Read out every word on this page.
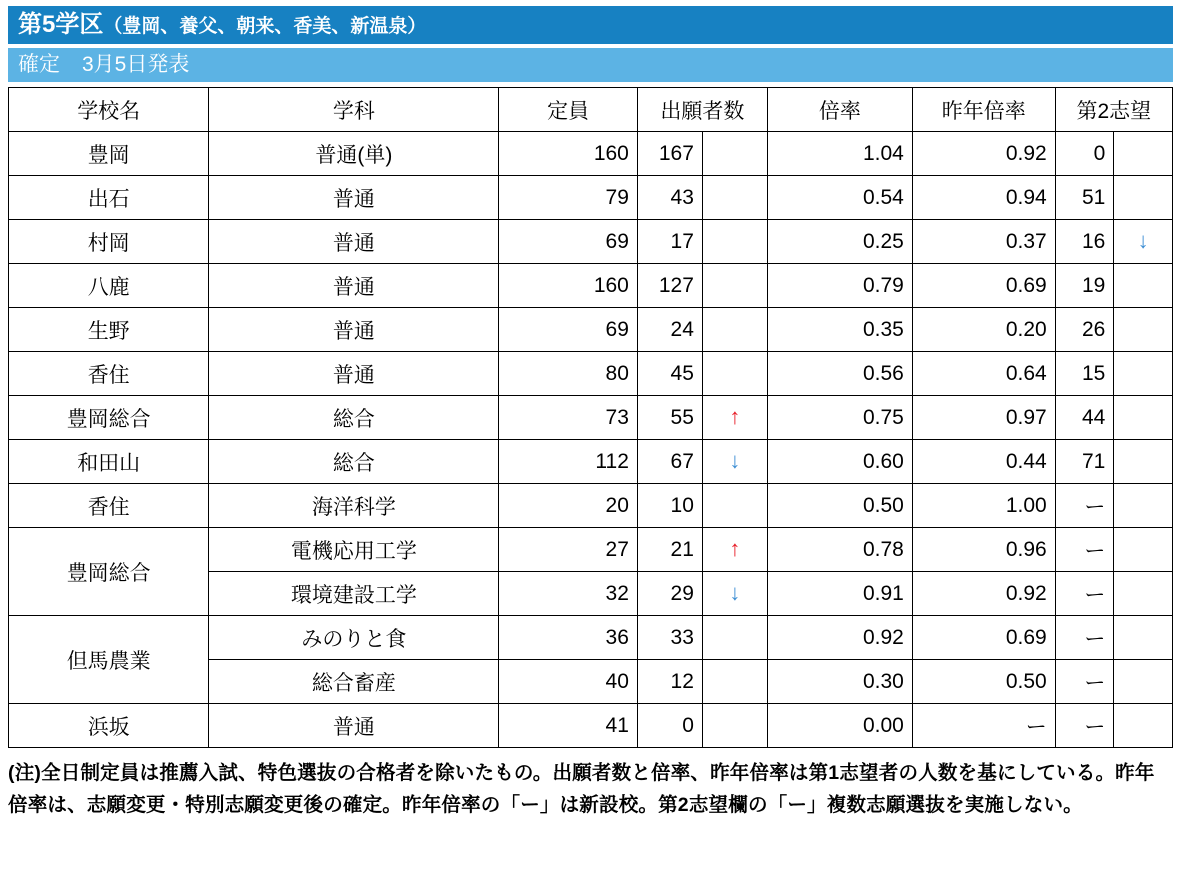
第5学区（豊岡、養父、朝来、香美、新温泉）
確定 3月5日発表
学校名	学科	定員	出願者数		倍率	昨年倍率	第2志望	
豊岡	普通(単)	160	167		1.04	0.92	0	
出石	普通	79	43		0.54	0.94	51	
村岡	普通	69	17		0.25	0.37	16	↓
八鹿	普通	160	127		0.79	0.69	19	
生野	普通	69	24		0.35	0.20	26	
香住	普通	80	45		0.56	0.64	15	
豊岡総合	総合	73	55	↑	0.75	0.97	44	
和田山	総合	112	67	↓	0.60	0.44	71	
香住	海洋科学	20	10		0.50	1.00	ー	
豊岡総合	電機応用工学	27	21	↑	0.78	0.96	ー	
	環境建設工学	32	29	↓	0.91	0.92	ー	
但馬農業	みのりと食	36	33		0.92	0.69	ー	
	総合畜産	40	12		0.30	0.50	ー	
浜坂	普通	41	0		0.00	ー	ー	
(注)全日制定員は推薦入試、特色選抜の合格者を除いたもの。出願者数と倍率、昨年倍率は第1志望者の人数を基にしている。昨年倍率は、志願変更・特別志願変更後の確定。昨年倍率の「ー」は新設校。第2志望欄の「ー」複数志願選抜を実施しない。
